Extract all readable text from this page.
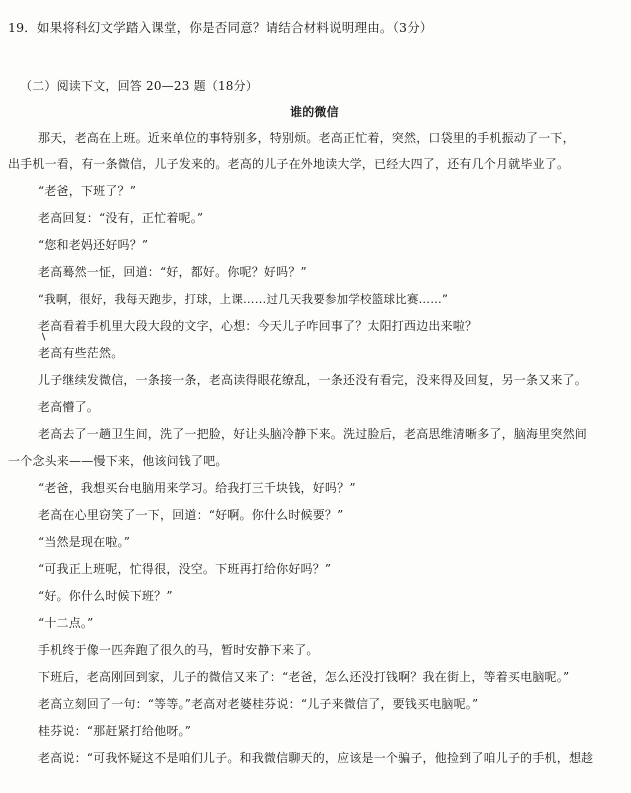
19．如果将科幻文学踏入课堂，你是否同意？请结合材料说明理由。（3分）
（二）阅读下文，回答 20—23 题（18分）
谁的微信
那天，老高在上班。近来单位的事特别多，特别烦。老高正忙着，突然，口袋里的手机振动了一下，
出手机一看，有一条微信，儿子发来的。老高的儿子在外地读大学，已经大四了，还有几个月就毕业了。
“老爸，下班了？”
老高回复：“没有，正忙着呢。”
“您和老妈还好吗？”
老高蓦然一怔，回道：“好，都好。你呢？好吗？”
“我啊，很好，我每天跑步，打球，上课……过几天我要参加学校篮球比赛……”
老高看着手机里大段大段的文字，心想：今天儿子咋回事了？太阳打西边出来啦？
老高有些茫然。
儿子继续发微信，一条接一条，老高读得眼花缭乱，一条还没有看完，没来得及回复，另一条又来了。
老高懵了。
老高去了一趟卫生间，洗了一把脸，好让头脑冷静下来。洗过脸后，老高思维清晰多了，脑海里突然间
一个念头来——慢下来，他该问钱了吧。
“老爸，我想买台电脑用来学习。给我打三千块钱，好吗？”
老高在心里窃笑了一下，回道：“好啊。你什么时候要？”
“当然是现在啦。”
“可我正上班呢，忙得很，没空。下班再打给你好吗？”
“好。你什么时候下班？”
“十二点。”
手机终于像一匹奔跑了很久的马，暂时安静下来了。
下班后，老高刚回到家，儿子的微信又来了：“老爸，怎么还没打钱啊？我在街上，等着买电脑呢。”
老高立刻回了一句：“等等。”老高对老婆桂芬说：“儿子来微信了，要钱买电脑呢。”
桂芬说：“那赶紧打给他呀。”
老高说：“可我怀疑这不是咱们儿子。和我微信聊天的，应该是一个骗子，他捡到了咱儿子的手机，想趁
